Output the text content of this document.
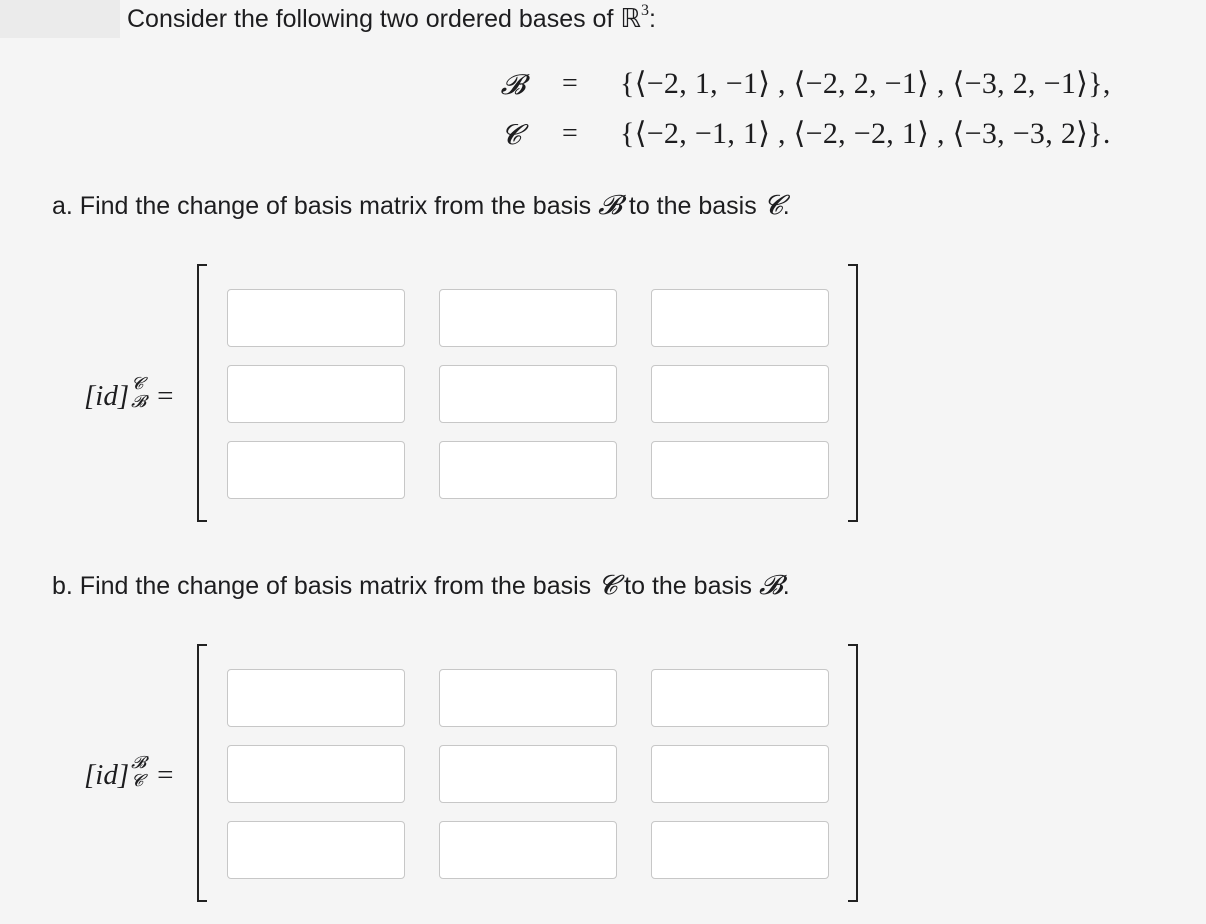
Consider the following two ordered bases of ℝ$^3$:
𝓑 = {⟨−2, 1, −1⟩ , ⟨−2, 2, −1⟩ , ⟨−3, 2, −1⟩},
𝓒	= {⟨−2, −1, 1⟩ , ⟨−2, −2, 1⟩ , ⟨−3, −3, 2⟩}.
a. Find the change of basis matrix from the basis 𝓑 to the basis 𝓒.
[id] 𝓒
𝓑 =
b. Find the change of basis matrix from the basis 𝓒 to the basis 𝓑.
[id] 𝓑
𝓒 =
